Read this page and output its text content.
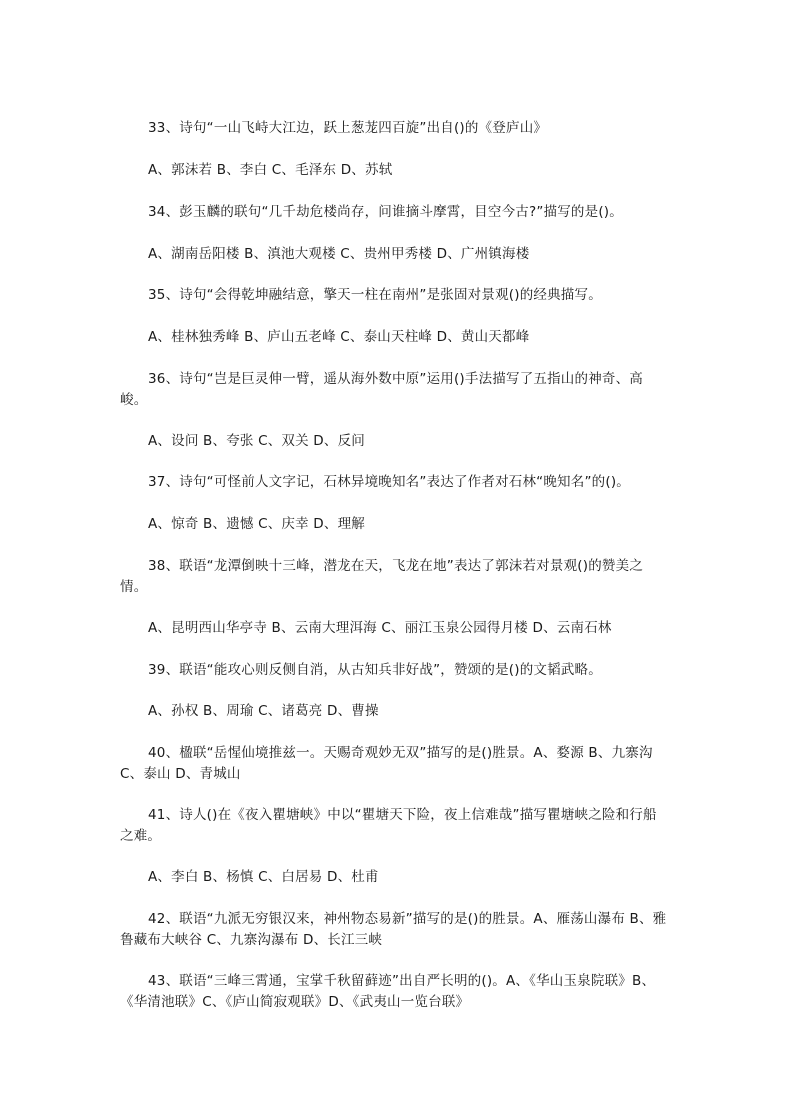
33、诗句“一山飞峙大江边，跃上葱茏四百旋”出自()的《登庐山》

A、郭沫若 B、李白 C、毛泽东 D、苏轼

34、彭玉麟的联句“几千劫危楼尚存，问谁摘斗摩霄，目空今古?”描写的是()。

A、湖南岳阳楼 B、滇池大观楼 C、贵州甲秀楼 D、广州镇海楼

35、诗句“会得乾坤融结意，擎天一柱在南州”是张固对景观()的经典描写。

A、桂林独秀峰 B、庐山五老峰 C、泰山天柱峰 D、黄山天都峰

36、诗句“岂是巨灵伸一臂，遥从海外数中原”运用()手法描写了五指山的神奇、高峻。

A、设问 B、夸张 C、双关 D、反问

37、诗句“可怪前人文字记，石林异境晚知名”表达了作者对石林“晚知名”的()。

A、惊奇 B、遗憾 C、庆幸 D、理解

38、联语“龙潭倒映十三峰，潜龙在天，飞龙在地”表达了郭沫若对景观()的赞美之情。

A、昆明西山华亭寺 B、云南大理洱海 C、丽江玉泉公园得月楼 D、云南石林

39、联语“能攻心则反侧自消，从古知兵非好战”，赞颂的是()的文韬武略。

A、孙权 B、周瑜 C、诸葛亮 D、曹操

40、楹联“岳惺仙境推兹一。天赐奇观妙无双”描写的是()胜景。A、婺源 B、九寨沟 C、泰山 D、青城山

41、诗人()在《夜入瞿塘峡》中以“瞿塘天下险，夜上信难哉”描写瞿塘峡之险和行船之难。

A、李白 B、杨慎 C、白居易 D、杜甫

42、联语“九派无穷银汉来，神州物态易新”描写的是()的胜景。A、雁荡山瀑布 B、雅鲁藏布大峡谷 C、九寨沟瀑布 D、长江三峡

43、联语“三峰三霄通，宝掌千秋留藓迹”出自严长明的()。A、《华山玉泉院联》B、《华清池联》C、《庐山简寂观联》D、《武夷山一览台联》
